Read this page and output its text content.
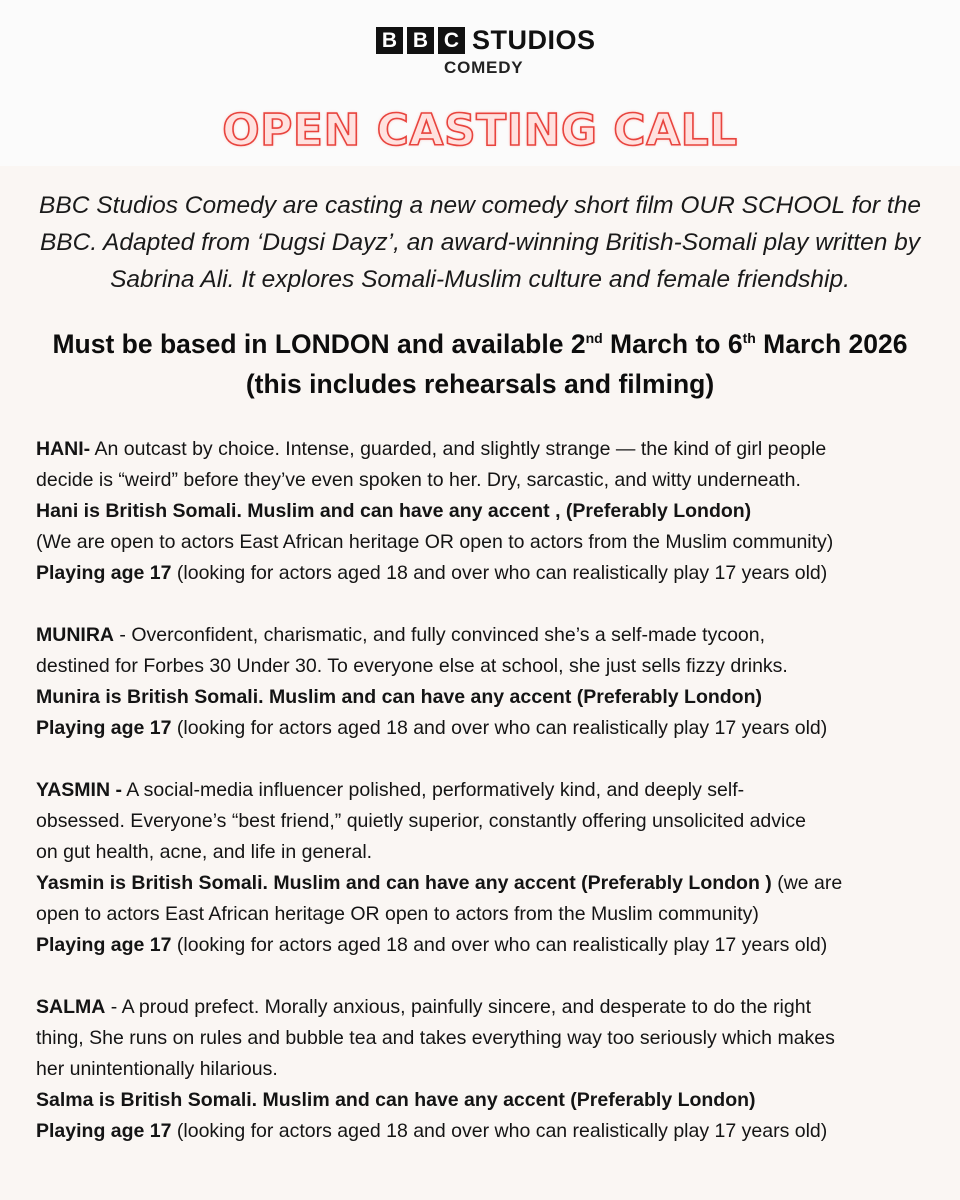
B B C STUDIOS
COMEDY
OPEN CASTING CALL
BBC Studios Comedy are casting a new comedy short film OUR SCHOOL for the
BBC. Adapted from ‘Dugsi Dayz’, an award-winning British-Somali play written by
Sabrina Ali. It explores Somali-Muslim culture and female friendship.
Must be based in LONDON and available 2nd March to 6th March 2026
(this includes rehearsals and filming)

HANI- An outcast by choice. Intense, guarded, and slightly strange — the kind of girl people

decide is “weird” before they’ve even spoken to her. Dry, sarcastic, and witty underneath.

Hani is British Somali. Muslim and can have any accent , (Preferably London)

(We are open to actors East African heritage OR open to actors from the Muslim community)

Playing age 17 (looking for actors aged 18 and over who can realistically play 17 years old)

MUNIRA - Overconfident, charismatic, and fully convinced she’s a self-made tycoon,

destined for Forbes 30 Under 30. To everyone else at school, she just sells fizzy drinks.

Munira is British Somali. Muslim and can have any accent (Preferably London)

Playing age 17 (looking for actors aged 18 and over who can realistically play 17 years old)

YASMIN - A social-media influencer polished, performatively kind, and deeply self-

obsessed. Everyone’s “best friend,” quietly superior, constantly offering unsolicited advice

on gut health, acne, and life in general.

Yasmin is British Somali. Muslim and can have any accent (Preferably London ) (we are

open to actors East African heritage OR open to actors from the Muslim community)

Playing age 17 (looking for actors aged 18 and over who can realistically play 17 years old)

SALMA - A proud prefect. Morally anxious, painfully sincere, and desperate to do the right

thing, She runs on rules and bubble tea and takes everything way too seriously which makes

her unintentionally hilarious.

Salma is British Somali. Muslim and can have any accent (Preferably London)

Playing age 17 (looking for actors aged 18 and over who can realistically play 17 years old)
